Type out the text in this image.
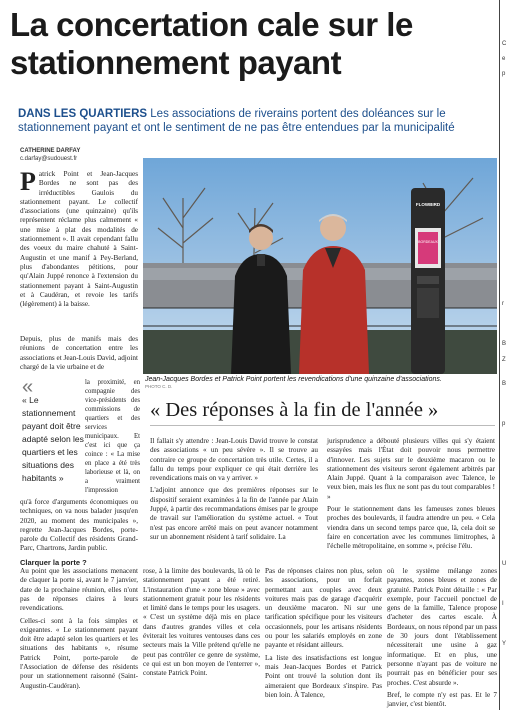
La concertation cale sur le stationnement payant
DANS LES QUARTIERS Les associations de riverains portent des doléances sur le stationnement payant et ont le sentiment de ne pas être entendues par la municipalité
CATHERINE DARFAY
c.darfay@sudouest.fr

Patrick Point et Jean-Jacques Bordes ne sont pas des irréductibles Gaulois du stationnement payant. Le collectif d'associations (une quinzaine) qu'ils représentent réclame plus calmement « une mise à plat des modalités de stationnement ». Il avait cependant fallu des voeux du maire chahuté à Saint-Augustin et une manif à Pey-Berland, plus d'abondantes pétitions, pour qu'Alain Juppé renonce à l'extension du stationnement payant à Saint-Augustin et à Caudéran, et revoie les tarifs (légèrement) à la baisse.

la proximité, en compagnie des vice-présidents des commissions de quartiers et des services municipaux. Et c'est ici que ça coince : « La mise en place a été très laborieuse et là, on a vraiment l'impression

Depuis, plus de manifs mais des réunions de concertation entre les associations et Jean-Louis David, adjoint chargé de la vie urbaine et de

qu'à force d'arguments économiques ou techniques, on va nous balader jusqu'en 2020, au moment des municipales », regrette Jean-Jacques Bordes, porte-parole du Collectif des résidents Grand-Parc, Chartrons, Jardin public.

Clarquer la porte ?

Au point que les associations menacent de claquer la porte si, avant le 7 janvier, date de la prochaine réunion, elles n'ont pas de réponses claires à leurs revendications.

Celles-ci sont à la fois simples et exigeantes. « Le stationnement payant doit être adapté selon les quartiers et les situations des habitants », résume Patrick Point, porte-parole de l'Association de défense des résidents pour un stationnement raisonné (Saint-Augustin-Caudéran).

«
« Le stationnement payant doit être adapté selon les quartiers et les situations des habitants »
FLOWBIRD
BORDEAUX
Jean-Jacques Bordes et Patrick Point portent les revendications d'une quinzaine d'associations.
PHOTO C. D.
« Des réponses à la fin de l'année »

Il fallait s'y attendre : Jean-Louis David trouve le constat des associations « un peu sévère ». Il se trouve au contraire ce groupe de concertation très utile. Certes, il a fallu du temps pour expliquer ce qui était derrière les revendications mais on va y arriver. »

L'adjoint annonce que des premières réponses sur le dispositif seraient examinées à la fin de l'année par Alain Juppé, à partir des recommandations émises par le groupe de travail sur l'amélioration du système actuel. « Tout n'est pas encore arrêté mais on peut avancer notamment sur un abonnement résident à tarif solidaire. La

jurisprudence a débouté plusieurs villes qui s'y étaient essayées mais l'État doit pouvoir nous permettre d'innover. Les sujets sur le deuxième macaron ou le stationnement des visiteurs seront également arbitrés par Alain Juppé. Quant à la comparaison avec Talence, le veux bien, mais les flux ne sont pas du tout comparables ! »

Pour le stationnement dans les fameuses zones bleues proches des boulevards, il faudra attendre un peu. « Cela viendra dans un second temps parce que, là, cela doit se faire en concertation avec les communes limitrophes, à l'échelle métropolitaine, en somme », précise l'élu.

rose, à la limite des boulevards, là où le stationnement payant a été retiré. L'instauration d'une « zone bleue » avec stationnement gratuit pour les résidents et limité dans le temps pour les usagers. « C'est un système déjà mis en place dans d'autres grandes villes et cela éviterait les voitures ventouses dans ces secteurs mais la Ville prétend qu'elle ne peut pas contrôler ce genre de système, ce qui est un bon moyen de l'enterrer », constate Patrick Point.

Pas de réponses claires non plus, selon les associations, pour un forfait permettant aux couples avec deux voitures mais pas de garage d'acquérir un deuxième macaron. Ni sur une tarification spécifique pour les visiteurs occasionnels, pour les artisans résidents ou pour les salariés employés en zone payante et résidant ailleurs.

La liste des insatisfactions est longue mais Jean-Jacques Bordes et Patrick Point ont trouvé la solution dont ils aimeraient que Bordeaux s'inspire. Pas bien loin. À Talence,

où le système mélange zones payantes, zones bleues et zones de gratuité. Patrick Point détaille : « Par exemple, pour l'accueil ponctuel de gens de la famille, Talence propose d'acheter des cartes escale. À Bordeaux, on nous répond par un pass de 30 jours dont l'établissement nécessiterait une usine à gaz informatique. Et en plus, une personne n'ayant pas de voiture ne pourrait pas en bénéficier pour ses proches. C'est absurde ».

Bref, le compte n'y est pas. Et le 7 janvier, c'est bientôt.

C
e
p
r
B
Z
B
p
U
I
Y
